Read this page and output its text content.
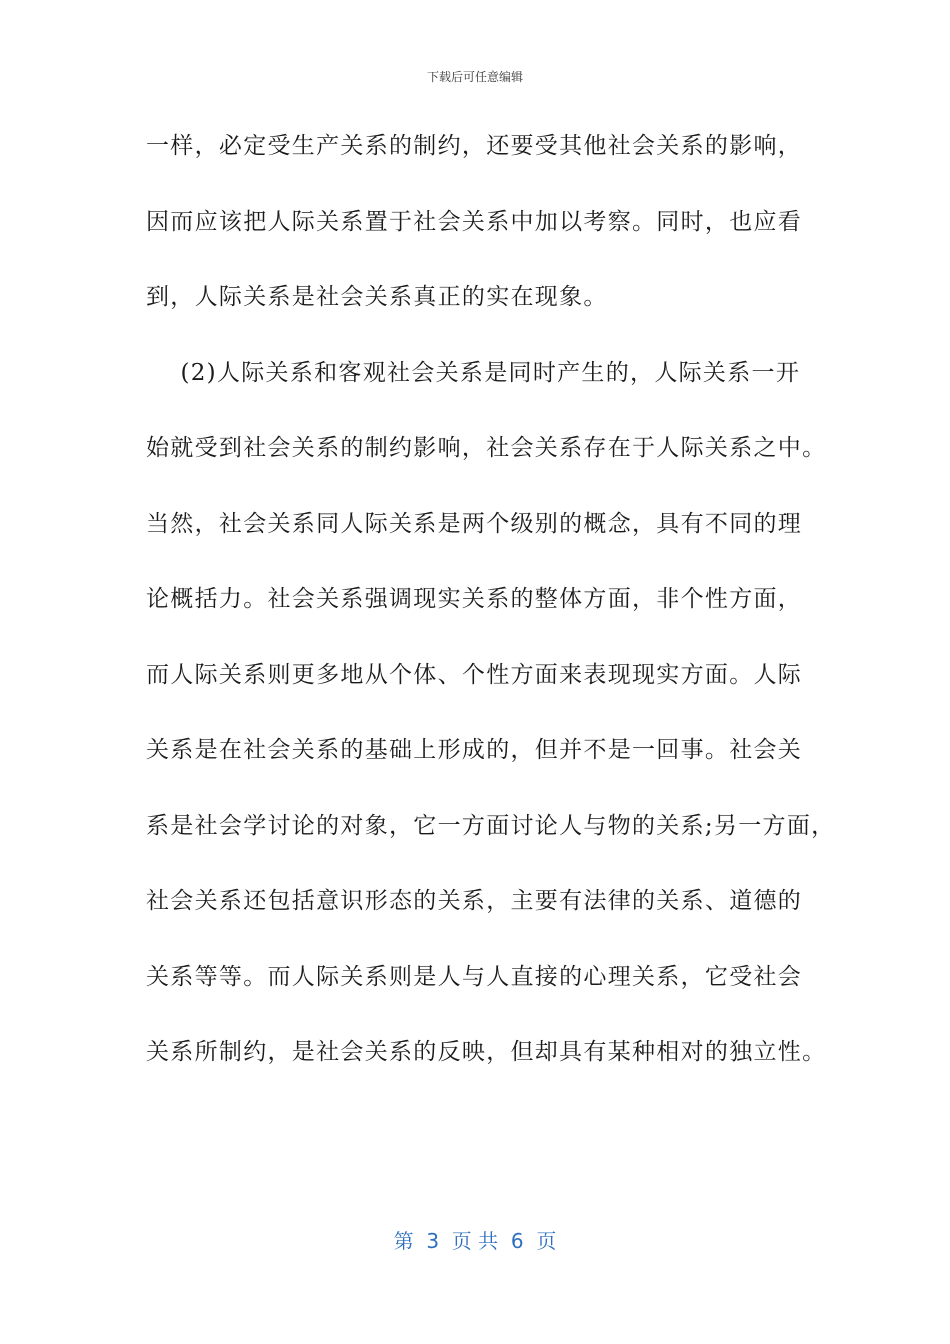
下载后可任意编辑
一样，必定受生产关系的制约，还要受其他社会关系的影响，
因而应该把人际关系置于社会关系中加以考察。同时，也应看
到，人际关系是社会关系真正的实在现象。
(2)人际关系和客观社会关系是同时产生的，人际关系一开
始就受到社会关系的制约影响，社会关系存在于人际关系之中。
当然，社会关系同人际关系是两个级别的概念，具有不同的理
论概括力。社会关系强调现实关系的整体方面，非个性方面，
而人际关系则更多地从个体、个性方面来表现现实方面。人际
关系是在社会关系的基础上形成的，但并不是一回事。社会关
系是社会学讨论的对象，它一方面讨论人与物的关系;另一方面，
社会关系还包括意识形态的关系，主要有法律的关系、道德的
关系等等。而人际关系则是人与人直接的心理关系，它受社会
关系所制约，是社会关系的反映，但却具有某种相对的独立性。
第  3  页 共  6  页
